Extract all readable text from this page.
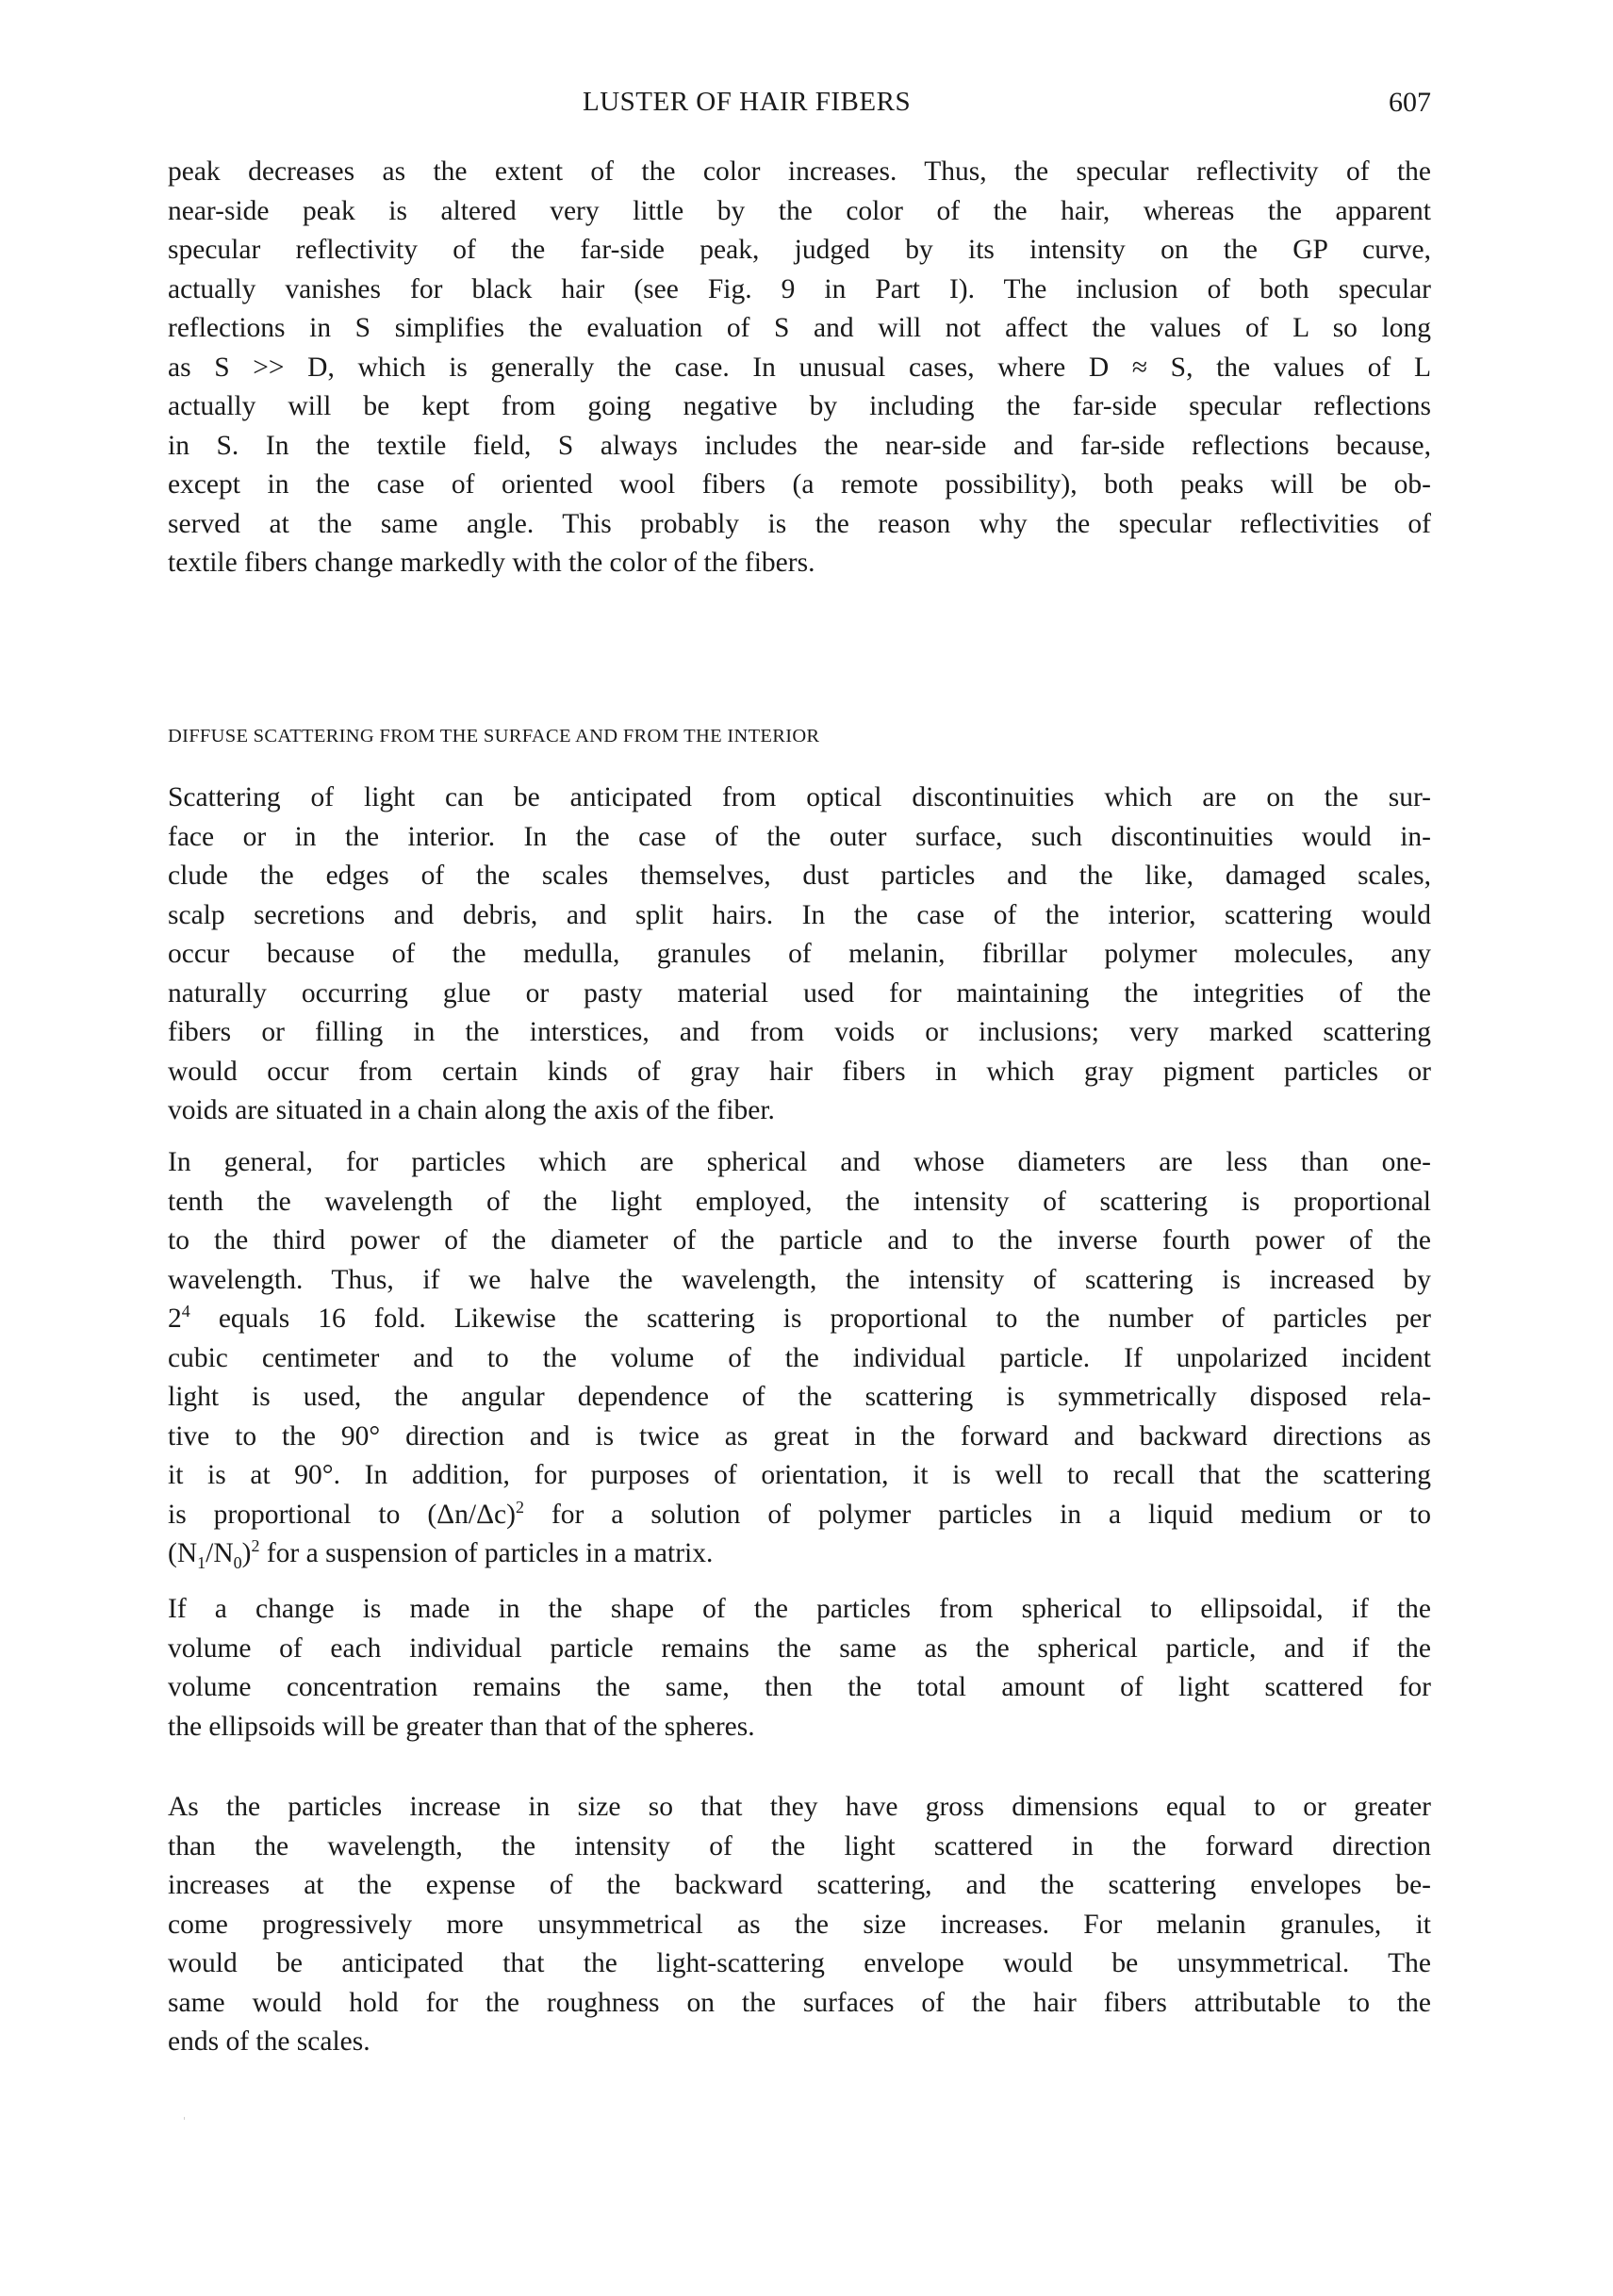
LUSTER OF HAIR FIBERS	607
peak decreases as the extent of the color increases. Thus, the specular reflectivity of the
near-side peak is altered very little by the color of the hair, whereas the apparent
specular reflectivity of the far-side peak, judged by its intensity on the GP curve,
actually vanishes for black hair (see Fig. 9 in Part I). The inclusion of both specular
reflections in S simplifies the evaluation of S and will not affect the values of L so long
as S >> D, which is generally the case. In unusual cases, where D ≈ S, the values of L
actually will be kept from going negative by including the far-side specular reflections
in S. In the textile field, S always includes the near-side and far-side reflections because,
except in the case of oriented wool fibers (a remote possibility), both peaks will be ob-
served at the same angle. This probably is the reason why the specular reflectivities of
textile fibers change markedly with the color of the fibers.
DIFFUSE SCATTERING FROM THE SURFACE AND FROM THE INTERIOR
Scattering of light can be anticipated from optical discontinuities which are on the sur-
face or in the interior. In the case of the outer surface, such discontinuities would in-
clude the edges of the scales themselves, dust particles and the like, damaged scales,
scalp secretions and debris, and split hairs. In the case of the interior, scattering would
occur because of the medulla, granules of melanin, fibrillar polymer molecules, any
naturally occurring glue or pasty material used for maintaining the integrities of the
fibers or filling in the interstices, and from voids or inclusions; very marked scattering
would occur from certain kinds of gray hair fibers in which gray pigment particles or
voids are situated in a chain along the axis of the fiber.
In general, for particles which are spherical and whose diameters are less than one-
tenth the wavelength of the light employed, the intensity of scattering is proportional
to the third power of the diameter of the particle and to the inverse fourth power of the
wavelength. Thus, if we halve the wavelength, the intensity of scattering is increased by
$2^4$ equals 16 fold. Likewise the scattering is proportional to the number of particles per
cubic centimeter and to the volume of the individual particle. If unpolarized incident
light is used, the angular dependence of the scattering is symmetrically disposed rela-
tive to the 90° direction and is twice as great in the forward and backward directions as
it is at 90°. In addition, for purposes of orientation, it is well to recall that the scattering
is proportional to $(\Delta n/\Delta c)^2$ for a solution of polymer particles in a liquid medium or to
$(N_1/N_0)^2$ for a suspension of particles in a matrix.
If a change is made in the shape of the particles from spherical to ellipsoidal, if the
volume of each individual particle remains the same as the spherical particle, and if the
volume concentration remains the same, then the total amount of light scattered for
the ellipsoids will be greater than that of the spheres.
As the particles increase in size so that they have gross dimensions equal to or greater
than the wavelength, the intensity of the light scattered in the forward direction
increases at the expense of the backward scattering, and the scattering envelopes be-
come progressively more unsymmetrical as the size increases. For melanin granules, it
would be anticipated that the light-scattering envelope would be unsymmetrical. The
same would hold for the roughness on the surfaces of the hair fibers attributable to the
ends of the scales.
